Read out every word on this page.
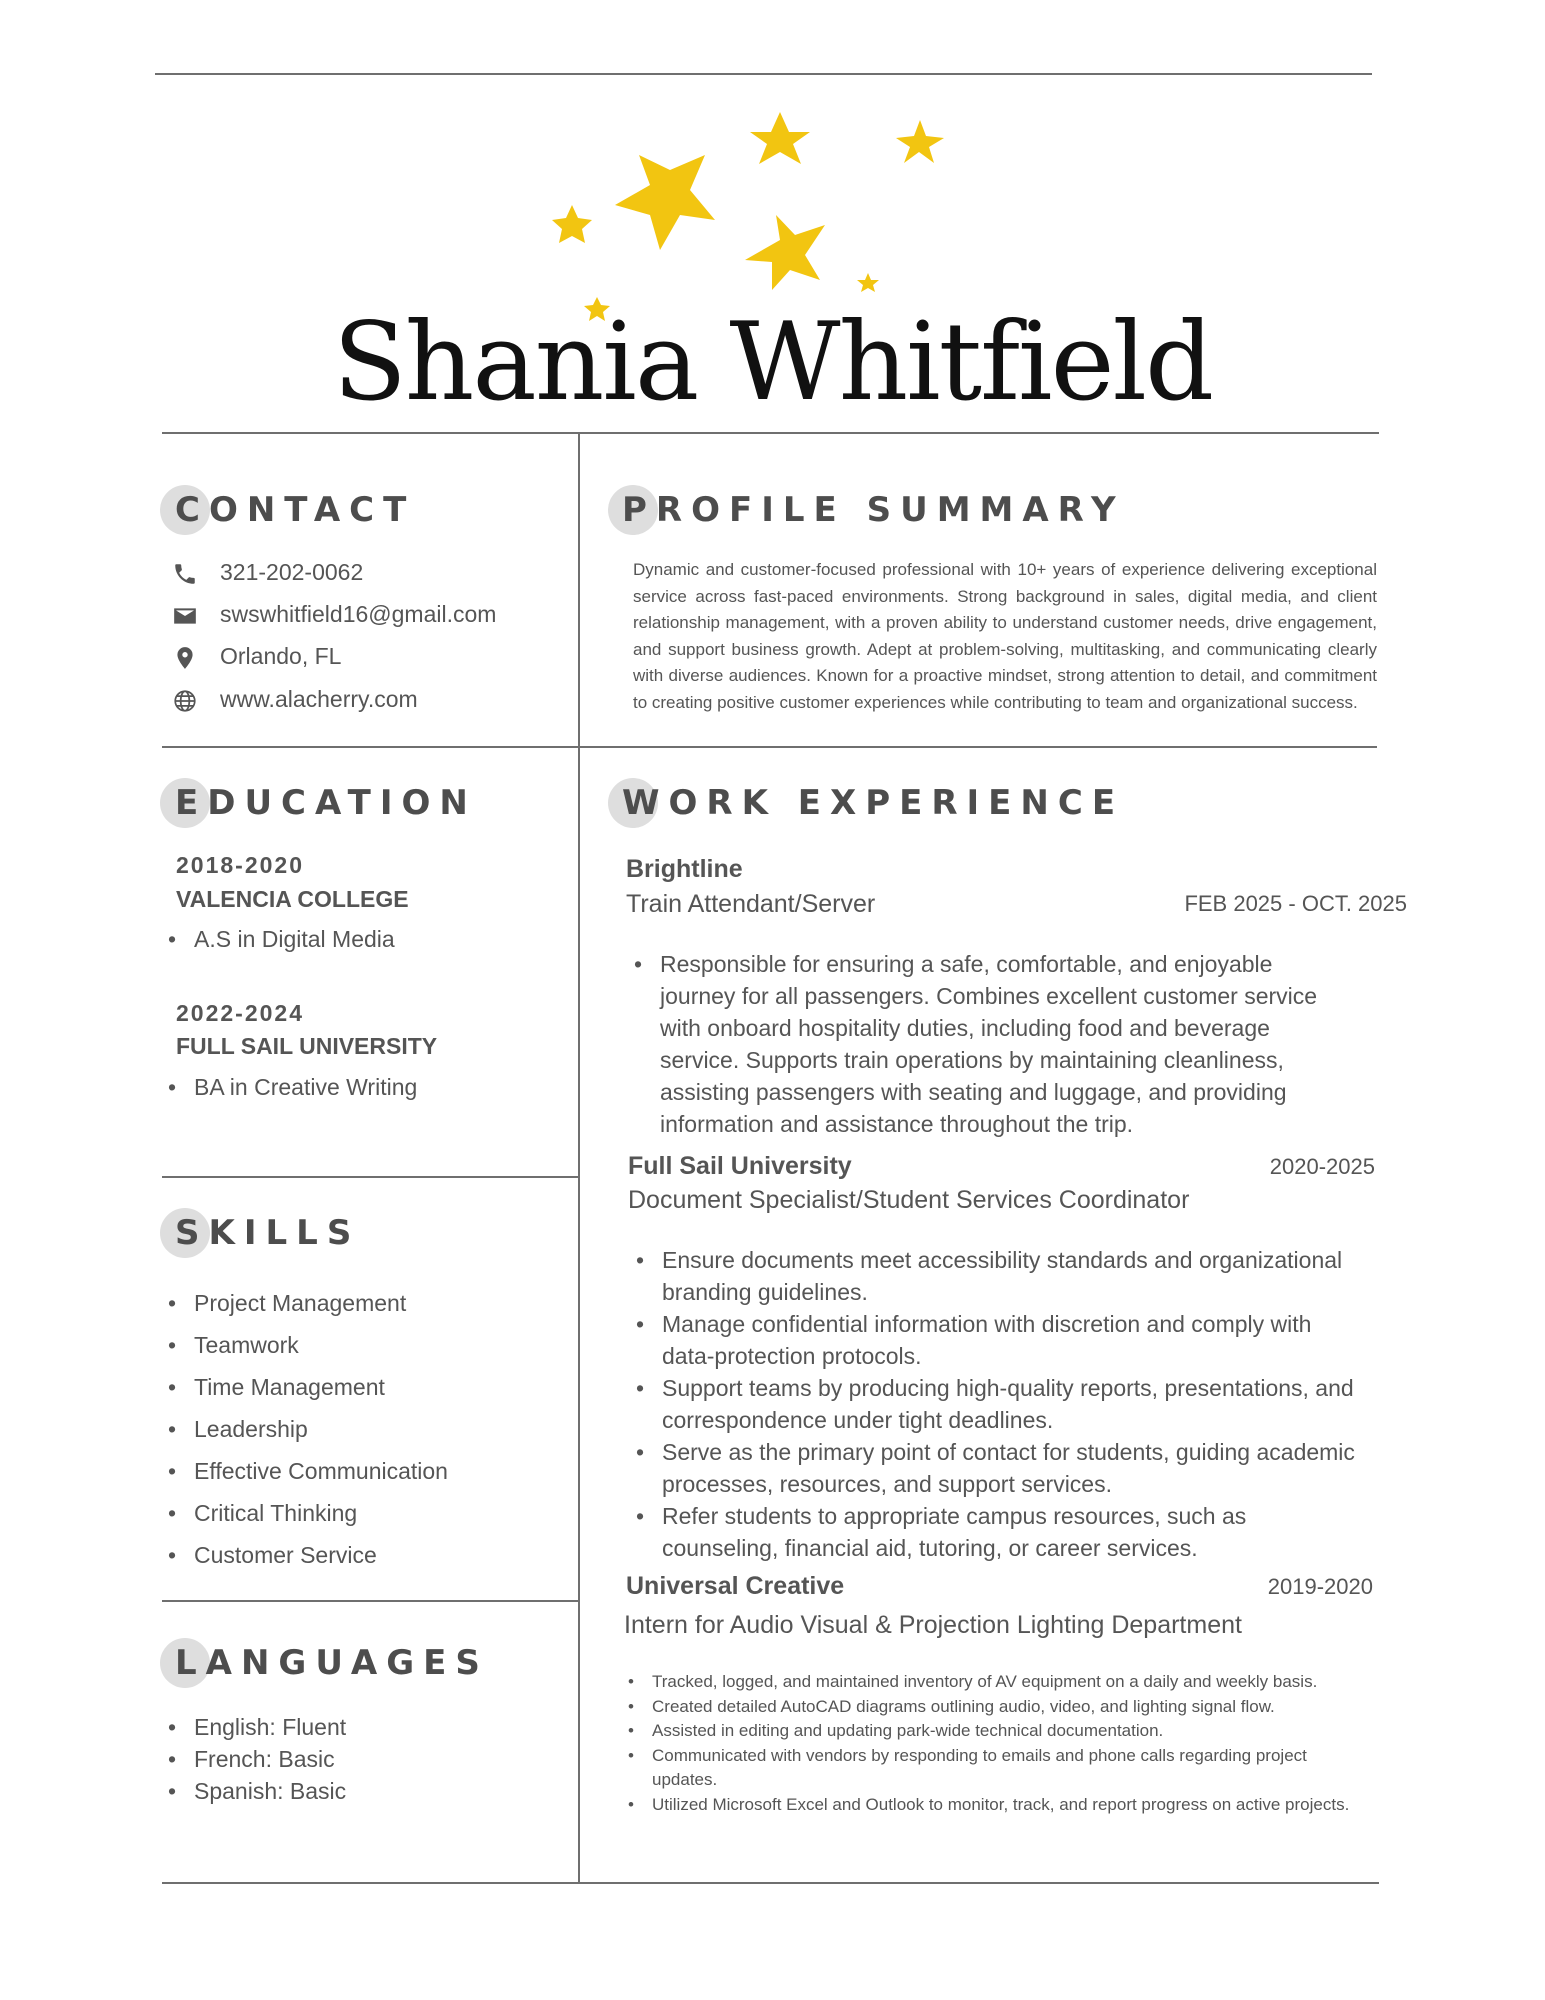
Shania Whitfield
CONTACT
321-202-0062
swswhitfield16@gmail.com
Orlando, FL
www.alacherry.com
PROFILE SUMMARY
Dynamic and customer-focused professional with 10+ years of experience delivering exceptional service across fast-paced environments. Strong background in sales, digital media, and client relationship management, with a proven ability to understand customer needs, drive engagement, and support business growth. Adept at problem-solving, multitasking, and communicating clearly with diverse audiences. Known for a proactive mindset, strong attention to detail, and commitment to creating positive customer experiences while contributing to team and organizational success.
EDUCATION
2018-2020
VALENCIA COLLEGE
• A.S in Digital Media
2022-2024
FULL SAIL UNIVERSITY
• BA in Creative Writing
SKILLS
• Project Management
• Teamwork
• Time Management
• Leadership
• Effective Communication
• Critical Thinking
• Customer Service
LANGUAGES
• English: Fluent
• French: Basic
• Spanish: Basic
WORK EXPERIENCE
Brightline
Train Attendant/Server	FEB 2025 - OCT. 2025
• Responsible for ensuring a safe, comfortable, and enjoyable journey for all passengers. Combines excellent customer service with onboard hospitality duties, including food and beverage service. Supports train operations by maintaining cleanliness, assisting passengers with seating and luggage, and providing information and assistance throughout the trip.
Full Sail University	2020-2025
Document Specialist/Student Services Coordinator
• Ensure documents meet accessibility standards and organizational branding guidelines.
• Manage confidential information with discretion and comply with data-protection protocols.
• Support teams by producing high-quality reports, presentations, and correspondence under tight deadlines.
• Serve as the primary point of contact for students, guiding academic processes, resources, and support services.
• Refer students to appropriate campus resources, such as counseling, financial aid, tutoring, or career services.
Universal Creative	2019-2020
Intern for Audio Visual & Projection Lighting Department
• Tracked, logged, and maintained inventory of AV equipment on a daily and weekly basis.
• Created detailed AutoCAD diagrams outlining audio, video, and lighting signal flow.
• Assisted in editing and updating park-wide technical documentation.
• Communicated with vendors by responding to emails and phone calls regarding project updates.
• Utilized Microsoft Excel and Outlook to monitor, track, and report progress on active projects.
